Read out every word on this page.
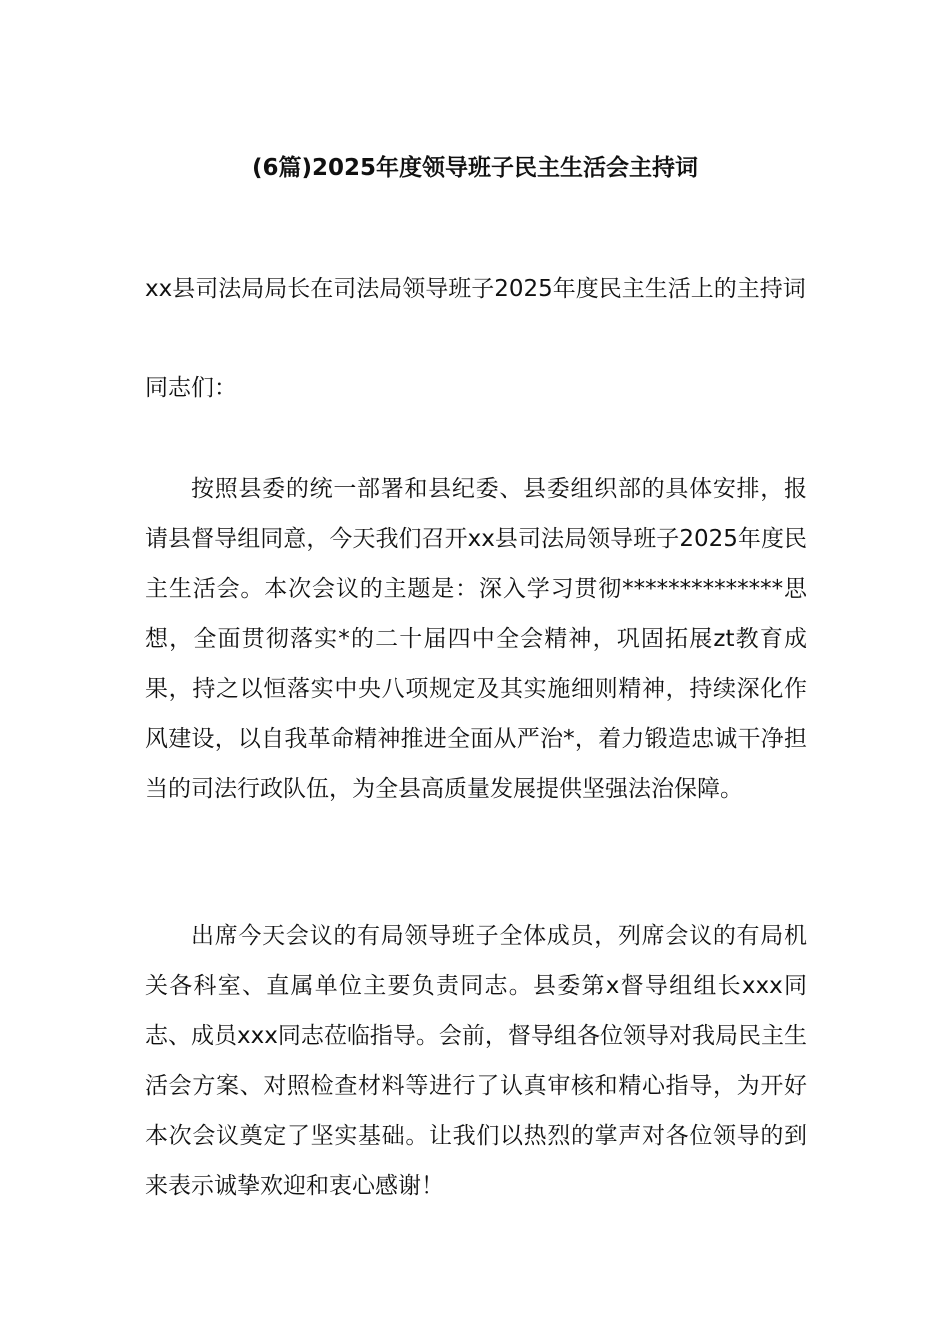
(6篇)2025年度领导班子民主生活会主持词

xx县司法局局长在司法局领导班子2025年度民主生活上的主持词

同志们：

按照县委的统一部署和县纪委、县委组织部的具体安排，报请县督导组同意，今天我们召开xx县司法局领导班子2025年度民主生活会。本次会议的主题是：深入学习贯彻**************思想，全面贯彻落实*的二十届四中全会精神，巩固拓展zt教育成果，持之以恒落实中央八项规定及其实施细则精神，持续深化作风建设，以自我革命精神推进全面从严治*，着力锻造忠诚干净担当的司法行政队伍，为全县高质量发展提供坚强法治保障。

出席今天会议的有局领导班子全体成员，列席会议的有局机关各科室、直属单位主要负责同志。县委第x督导组组长xxx同志、成员xxx同志莅临指导。会前，督导组各位领导对我局民主生活会方案、对照检查材料等进行了认真审核和精心指导，为开好本次会议奠定了坚实基础。让我们以热烈的掌声对各位领导的到来表示诚挚欢迎和衷心感谢！
